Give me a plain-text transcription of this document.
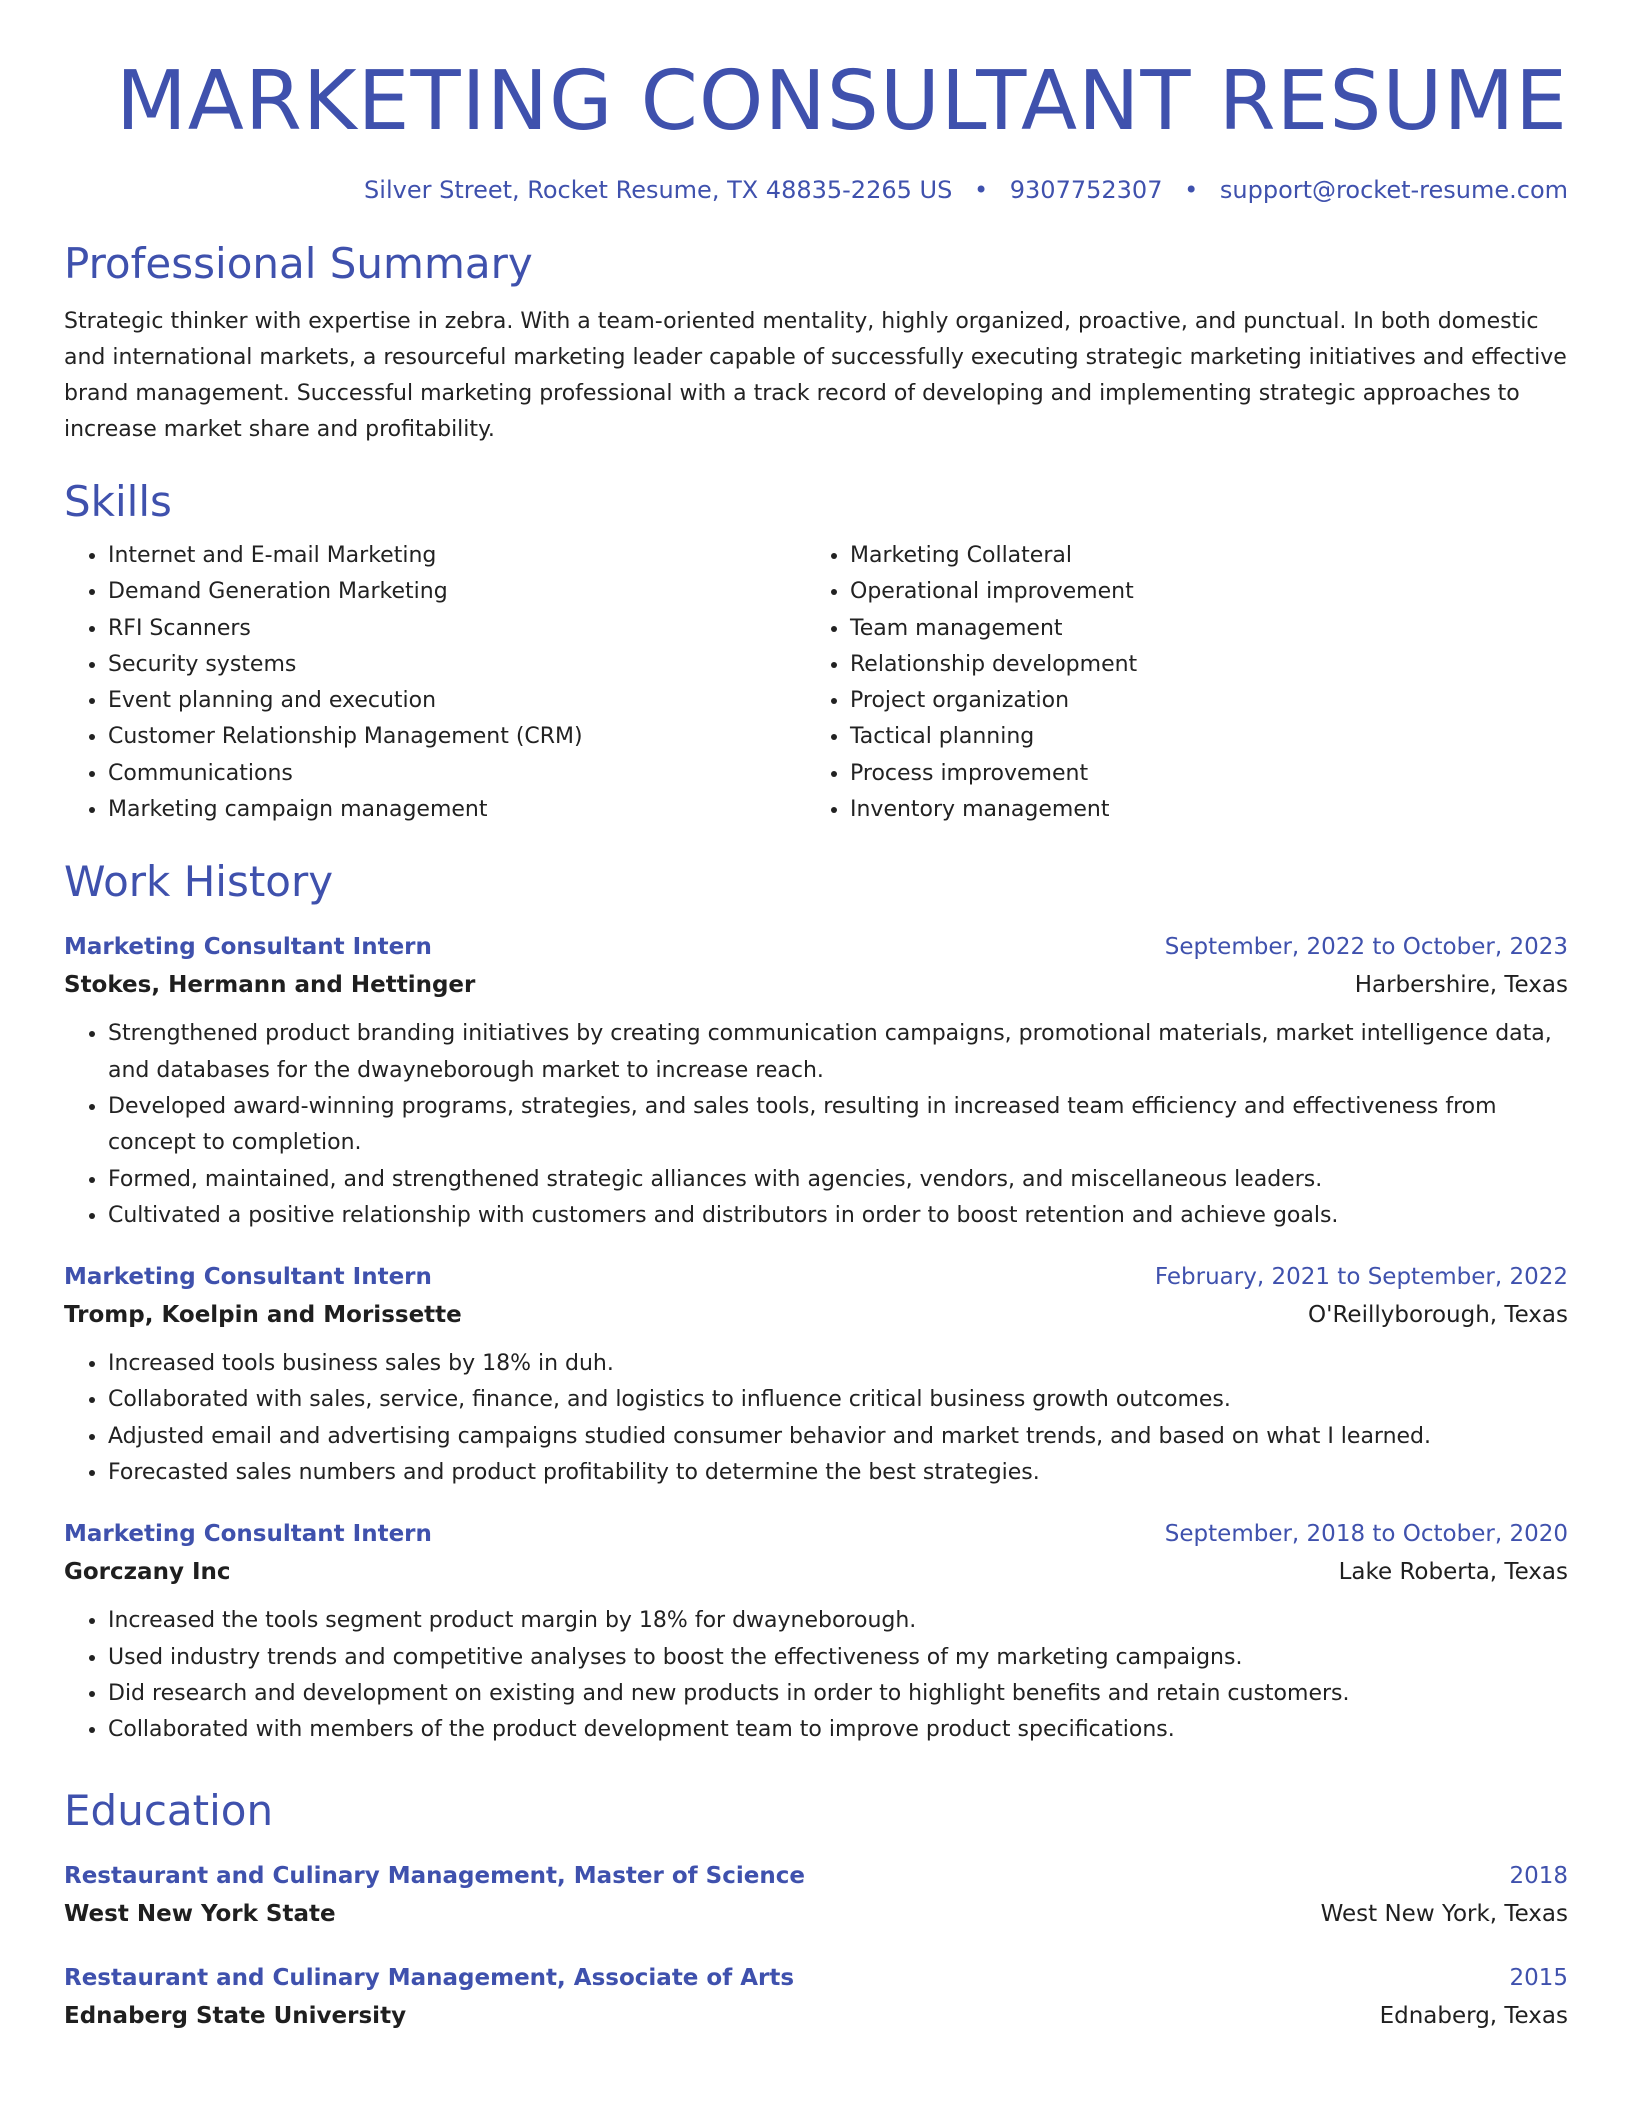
MARKETING CONSULTANT RESUME
Silver Street, Rocket Resume, TX 48835-2265 US • 9307752307 • support@rocket-resume.com
Professional Summary
Strategic thinker with expertise in zebra. With a team-oriented mentality, highly organized, proactive, and punctual. In both domestic and international markets, a resourceful marketing leader capable of successfully executing strategic marketing initiatives and effective brand management. Successful marketing professional with a track record of developing and implementing strategic approaches to increase market share and profitability.
Skills
• Internet and E-mail Marketing
• Demand Generation Marketing
• RFI Scanners
• Security systems
• Event planning and execution
• Customer Relationship Management (CRM)
• Communications
• Marketing campaign management
• Marketing Collateral
• Operational improvement
• Team management
• Relationship development
• Project organization
• Tactical planning
• Process improvement
• Inventory management
Work History
Marketing Consultant Intern	September, 2022 to October, 2023
Stokes, Hermann and Hettinger	Harbershire, Texas
• Strengthened product branding initiatives by creating communication campaigns, promotional materials, market intelligence data, and databases for the dwayneborough market to increase reach.
• Developed award-winning programs, strategies, and sales tools, resulting in increased team efficiency and effectiveness from concept to completion.
• Formed, maintained, and strengthened strategic alliances with agencies, vendors, and miscellaneous leaders.
• Cultivated a positive relationship with customers and distributors in order to boost retention and achieve goals.
Marketing Consultant Intern	February, 2021 to September, 2022
Tromp, Koelpin and Morissette	O'Reillyborough, Texas
• Increased tools business sales by 18% in duh.
• Collaborated with sales, service, finance, and logistics to influence critical business growth outcomes.
• Adjusted email and advertising campaigns studied consumer behavior and market trends, and based on what I learned.
• Forecasted sales numbers and product profitability to determine the best strategies.
Marketing Consultant Intern	September, 2018 to October, 2020
Gorczany Inc	Lake Roberta, Texas
• Increased the tools segment product margin by 18% for dwayneborough.
• Used industry trends and competitive analyses to boost the effectiveness of my marketing campaigns.
• Did research and development on existing and new products in order to highlight benefits and retain customers.
• Collaborated with members of the product development team to improve product specifications.
Education
Restaurant and Culinary Management, Master of Science	2018
West New York State	West New York, Texas
Restaurant and Culinary Management, Associate of Arts	2015
Ednaberg State University	Ednaberg, Texas
